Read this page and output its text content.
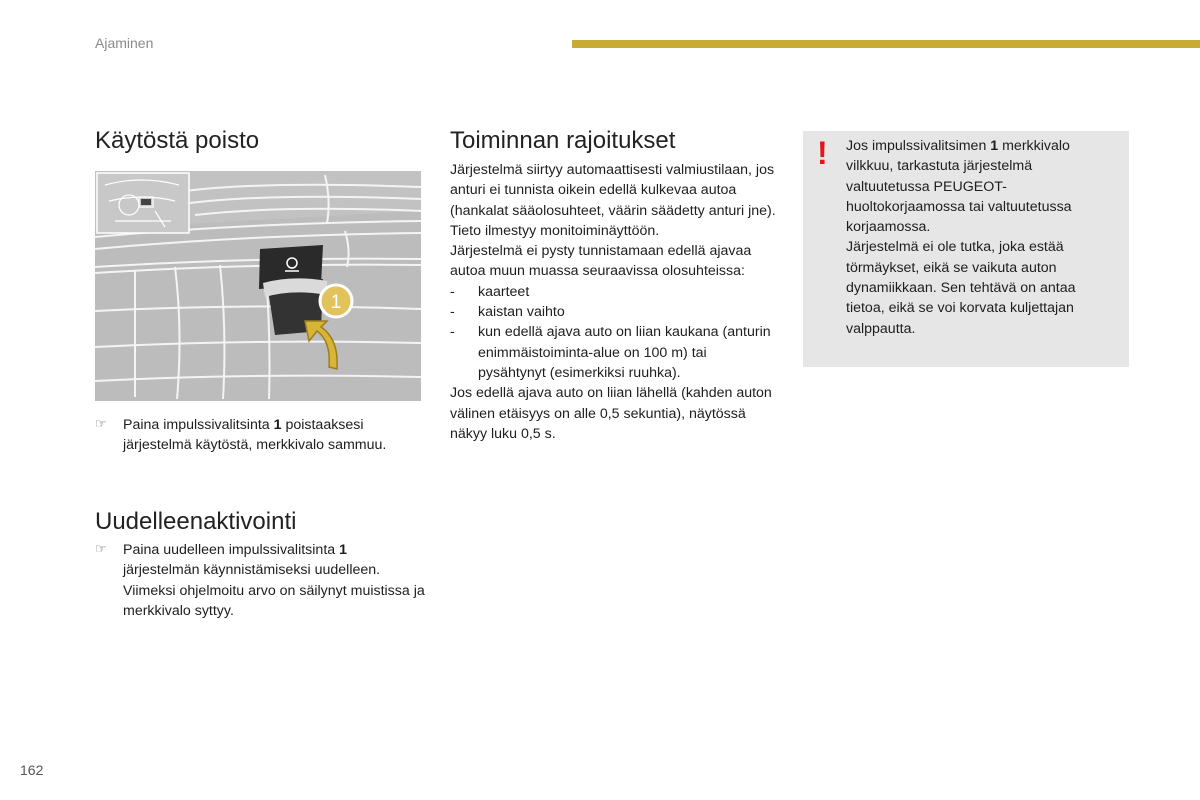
Ajaminen
Käytöstä poisto
1
☞ Paina impulssivalitsinta 1 poistaaksesi järjestelmä käytöstä, merkkivalo sammuu.
Uudelleenaktivointi
☞ Paina uudelleen impulssivalitsinta 1 järjestelmän käynnistämiseksi uudelleen. Viimeksi ohjelmoitu arvo on säilynyt muistissa ja merkkivalo syttyy.
Toiminnan rajoitukset

Järjestelmä siirtyy automaattisesti valmiustilaan, jos anturi ei tunnista oikein edellä kulkevaa autoa (hankalat sääolosuhteet, väärin säädetty anturi jne). Tieto ilmestyy monitoiminäyttöön.

Järjestelmä ei pysty tunnistamaan edellä ajavaa autoa muun muassa seuraavissa olosuhteissa:

- kaarteet
- kaistan vaihto
- kun edellä ajava auto on liian kaukana (anturin enimmäistoiminta-alue on 100 m) tai pysähtynyt (esimerkiksi ruuhka).

Jos edellä ajava auto on liian lähellä (kahden auton välinen etäisyys on alle 0,5 sekuntia), näytössä näkyy luku 0,5 s.

! Jos impulssivalitsimen 1 merkkivalo vilkkuu, tarkastuta järjestelmä valtuutetussa PEUGEOT-huoltokorjaamossa tai valtuutetussa korjaamossa.
Järjestelmä ei ole tutka, joka estää törmäykset, eikä se vaikuta auton dynamiikkaan. Sen tehtävä on antaa tietoa, eikä se voi korvata kuljettajan valppautta.
162
